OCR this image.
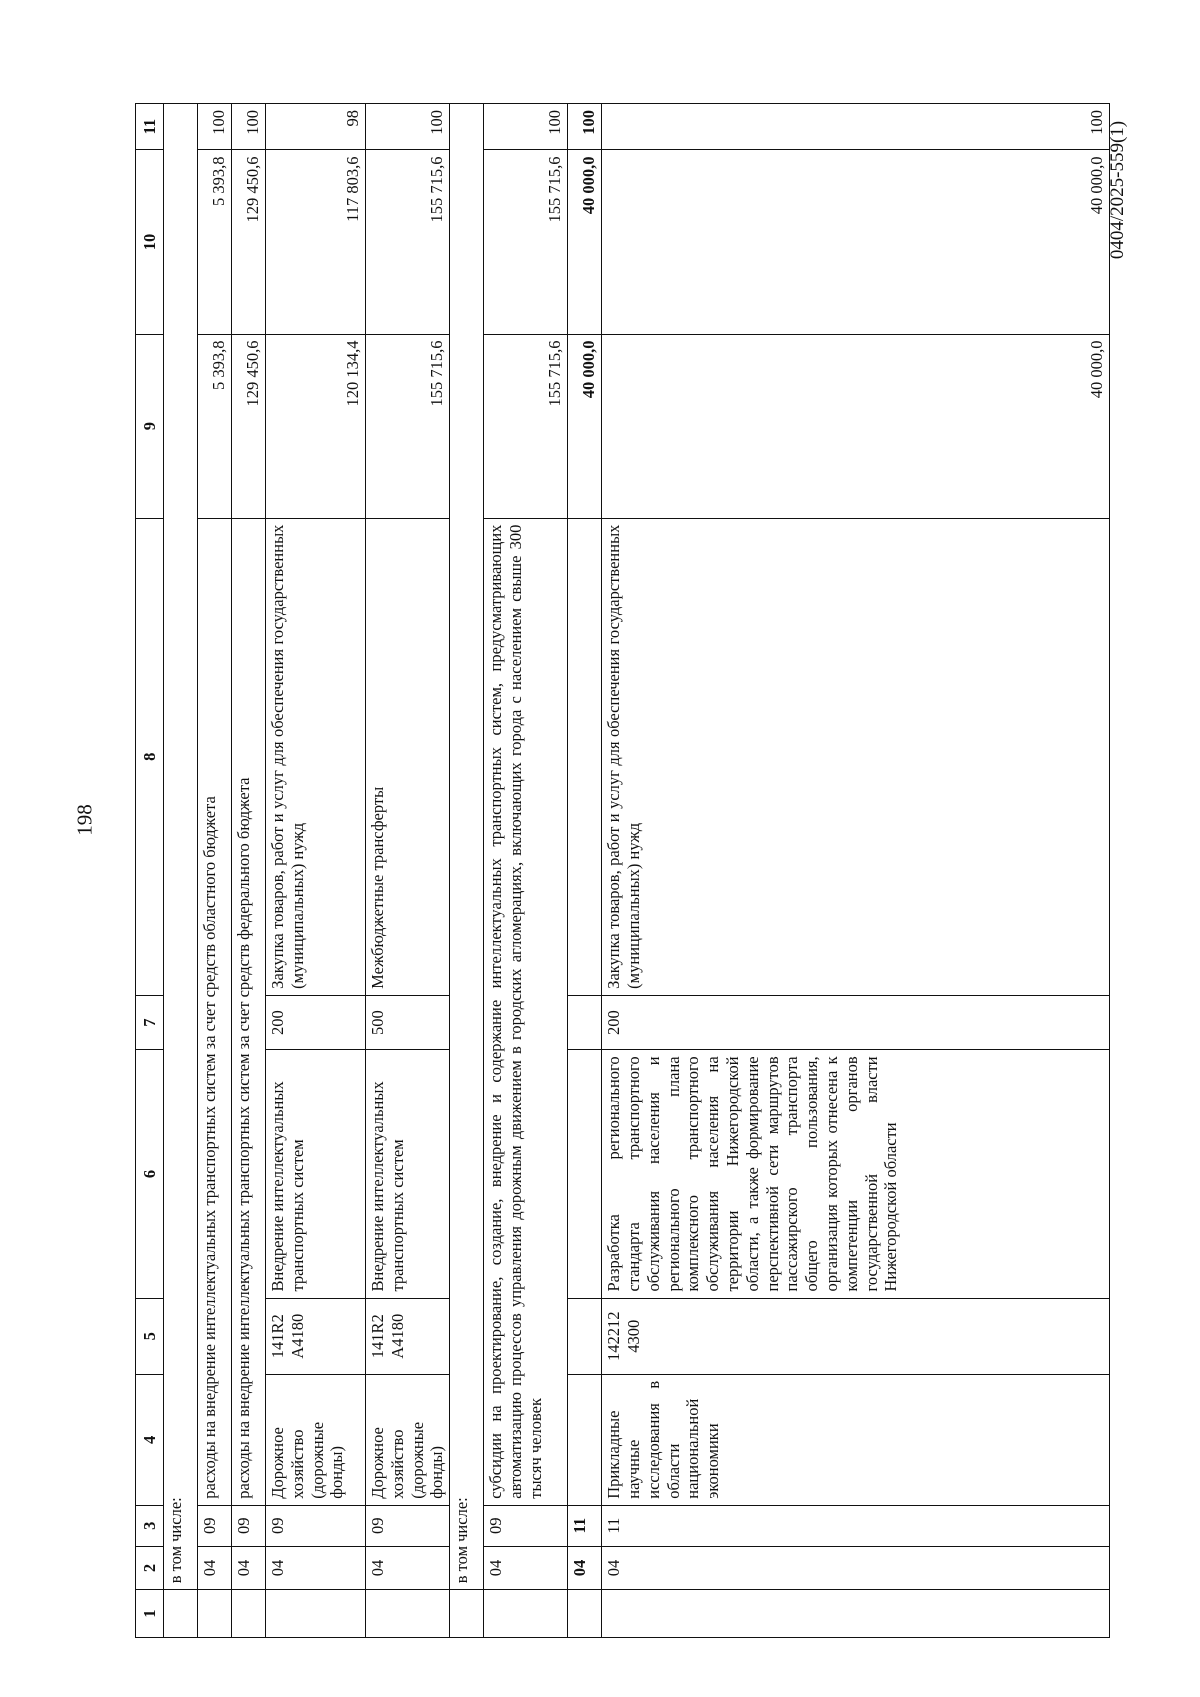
198
0404/2025-559(1)
1	2	3	4	5	6	7	8	9	10	11
	в том числе:									
	04	09	расходы на внедрение интеллектуальных транспортных систем за счет средств областного бюджета					5 393,8	5 393,8	100
	04	09	расходы на внедрение интеллектуальных транспортных систем за счет средств федерального бюджета					129 450,6	129 450,6	100
	04	09	Дорожное хозяйство (дорожные фонды)	141R2
A4180	Внедрение интеллектуальных транспортных систем	200	Закупка товаров, работ и услуг для обеспечения государственных (муниципальных) нужд	120 134,4	117 803,6	98
	04	09	Дорожное хозяйство (дорожные фонды)	141R2
A4180	Внедрение интеллектуальных транспортных систем	500	Межбюджетные трансферты	155 715,6	155 715,6	100
	в том числе:									
	04	09	субсидии на проектирование, создание, внедрение и содержание интеллектуальных транспортных систем, предусматривающих автоматизацию процессов управления дорожным движением в городских агломерациях, включающих города с населением свыше 300 тысяч человек					155 715,6	155 715,6	100
	04	11						40 000,0	40 000,0	100
	04	11	Прикладные научные исследования в области национальной экономики	142212
4300	Разработка регионального стандарта транспортного обслуживания населения и регионального плана комплексного транспортного обслуживания населения на территории Нижегородской области, а также формирование перспективной сети маршрутов пассажирского транспорта общего пользования, организация которых отнесена к компетенции органов государственной власти Нижегородской области	200	Закупка товаров, работ и услуг для обеспечения государственных (муниципальных) нужд	40 000,0	40 000,0	100
